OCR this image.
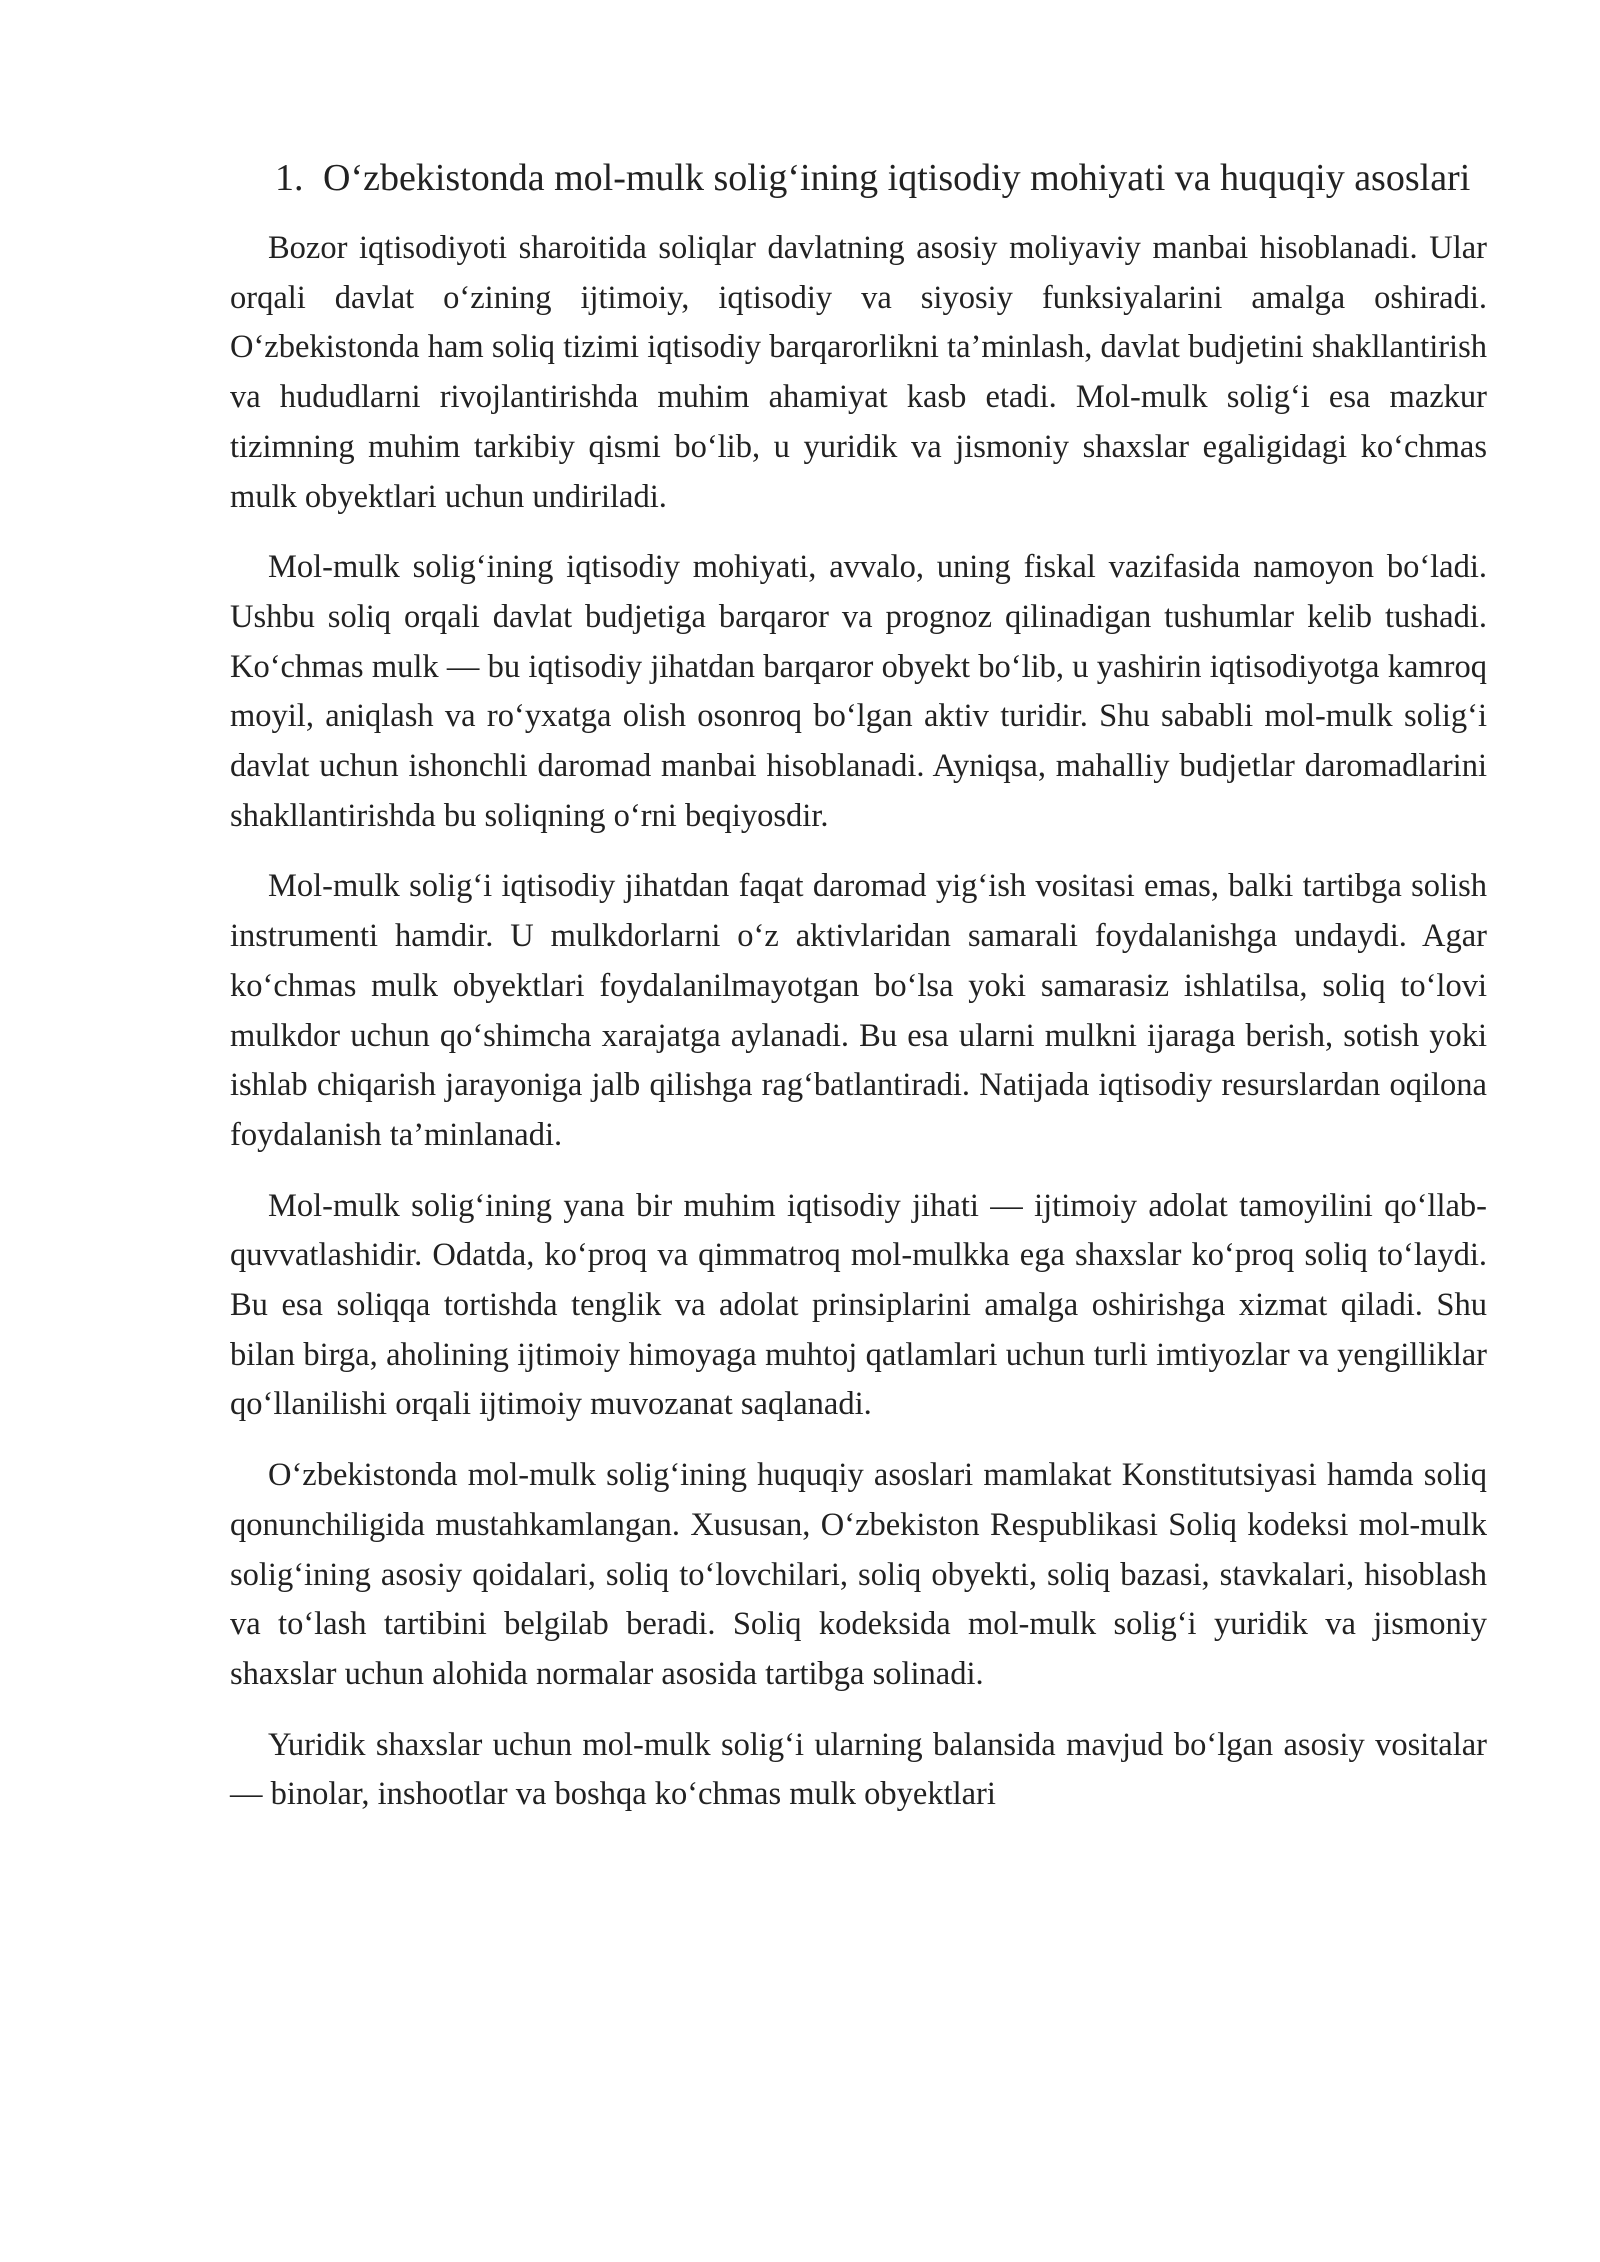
1. O‘zbekistonda mol-mulk solig‘ining iqtisodiy mohiyati va huquqiy asoslari

Bozor iqtisodiyoti sharoitida soliqlar davlatning asosiy moliyaviy manbai hisoblanadi. Ular orqali davlat o‘zining ijtimoiy, iqtisodiy va siyosiy funksiyalarini amalga oshiradi. O‘zbekistonda ham soliq tizimi iqtisodiy barqarorlikni ta’minlash, davlat budjetini shakllantirish va hududlarni rivojlantirishda muhim ahamiyat kasb etadi. Mol-mulk solig‘i esa mazkur tizimning muhim tarkibiy qismi bo‘lib, u yuridik va jismoniy shaxslar egaligidagi ko‘chmas mulk obyektlari uchun undiriladi.

Mol-mulk solig‘ining iqtisodiy mohiyati, avvalo, uning fiskal vazifasida namoyon bo‘ladi. Ushbu soliq orqali davlat budjetiga barqaror va prognoz qilinadigan tushumlar kelib tushadi. Ko‘chmas mulk — bu iqtisodiy jihatdan barqaror obyekt bo‘lib, u yashirin iqtisodiyotga kamroq moyil, aniqlash va ro‘yxatga olish osonroq bo‘lgan aktiv turidir. Shu sababli mol-mulk solig‘i davlat uchun ishonchli daromad manbai hisoblanadi. Ayniqsa, mahalliy budjetlar daromadlarini shakllantirishda bu soliqning o‘rni beqiyosdir.

Mol-mulk solig‘i iqtisodiy jihatdan faqat daromad yig‘ish vositasi emas, balki tartibga solish instrumenti hamdir. U mulkdorlarni o‘z aktivlaridan samarali foydalanishga undaydi. Agar ko‘chmas mulk obyektlari foydalanilmayotgan bo‘lsa yoki samarasiz ishlatilsa, soliq to‘lovi mulkdor uchun qo‘shimcha xarajatga aylanadi. Bu esa ularni mulkni ijaraga berish, sotish yoki ishlab chiqarish jarayoniga jalb qilishga rag‘batlantiradi. Natijada iqtisodiy resurslardan oqilona foydalanish ta’minlanadi.

Mol-mulk solig‘ining yana bir muhim iqtisodiy jihati — ijtimoiy adolat tamoyilini qo‘llab-quvvatlashidir. Odatda, ko‘proq va qimmatroq mol-mulkka ega shaxslar ko‘proq soliq to‘laydi. Bu esa soliqqa tortishda tenglik va adolat prinsiplarini amalga oshirishga xizmat qiladi. Shu bilan birga, aholining ijtimoiy himoyaga muhtoj qatlamlari uchun turli imtiyozlar va yengilliklar qo‘llanilishi orqali ijtimoiy muvozanat saqlanadi.

O‘zbekistonda mol-mulk solig‘ining huquqiy asoslari mamlakat Konstitutsiyasi hamda soliq qonunchiligida mustahkamlangan. Xususan, O‘zbekiston Respublikasi Soliq kodeksi mol-mulk solig‘ining asosiy qoidalari, soliq to‘lovchilari, soliq obyekti, soliq bazasi, stavkalari, hisoblash va to‘lash tartibini belgilab beradi. Soliq kodeksida mol-mulk solig‘i yuridik va jismoniy shaxslar uchun alohida normalar asosida tartibga solinadi.

Yuridik shaxslar uchun mol-mulk solig‘i ularning balansida mavjud bo‘lgan asosiy vositalar — binolar, inshootlar va boshqa ko‘chmas mulk obyektlari
